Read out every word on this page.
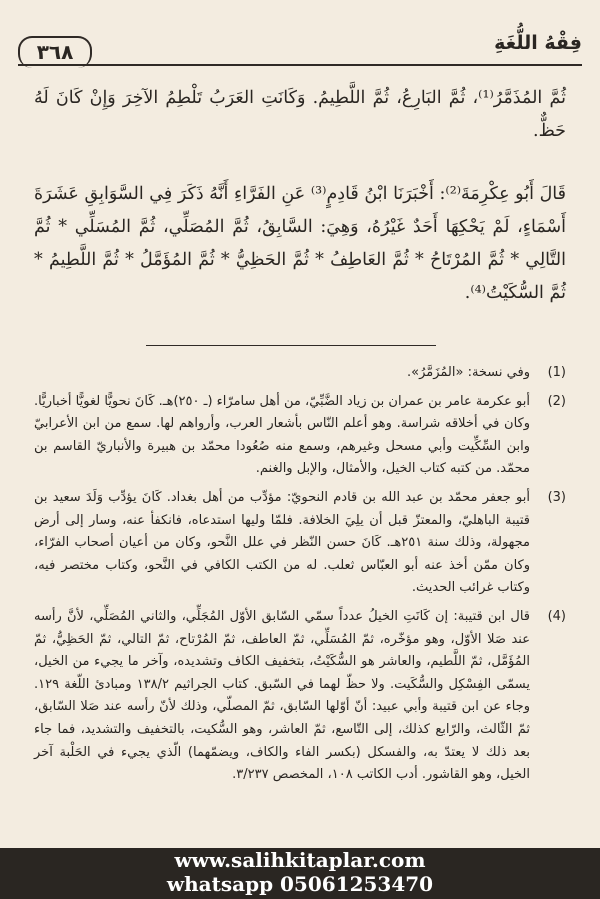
٣٦٨	فِقْهُ اللُّغَةِ

ثُمَّ المُذَمَّرُ⁽¹⁾، ثُمَّ البَارِعُ، ثُمَّ اللَّطِيمُ. وَكَانَتِ العَرَبُ تَلْطِمُ الآخِرَ وَإِنْ كَانَ لَهُ حَظٌّ.

قَالَ أَبُو عِكْرِمَةَ⁽²⁾: أَخْبَرَنَا ابْنُ قَادِمٍ⁽³⁾ عَنِ الفَرَّاءِ أَنَّهُ ذَكَرَ فِي السَّوَابِقِ عَشَرَةَ أَسْمَاءٍ، لَمْ يَحْكِهَا أَحَدٌ غَيْرُهُ، وَهِيَ: السَّابِقُ، ثُمَّ المُصَلِّي، ثُمَّ المُسَلِّي * ثُمَّ التَّالِي * ثُمَّ المُرْتَاحُ * ثُمَّ العَاطِفُ * ثُمَّ الحَظِيُّ * ثُمَّ المُؤَمَّلُ * ثُمَّ اللَّطِيمُ * ثُمَّ السُّكَيْتُ⁽⁴⁾.

(1)
وفي نسخة: «المُزَمَّرُ».
(2)
أبو عكرمة عامر بن عمران بن زياد الضَّبِّيّ، من أهل سامرّاء (ـ ٢٥٠)هـ. كَانَ نحويًّا لغويًّا أخباريًّا. وكان في أخلاقه شراسة. وهو أعلم النّاس بأشعار العرب، وأرواهم لها. سمع من ابن الأعرابيّ وابن السِّكِّيت وأبي مسحل وغيرهم، وسمع منه صُعُودا محمّد بن هبيرة والأنباريّ القاسم بن محمّد. من كتبه كتاب الخيل، والأمثال، والإبل والغنم.
(3)
أبو جعفر محمّد بن عبد الله بن قادم النحويّ: مؤدِّب من أهل بغداد. كَانَ يؤدِّب وَلَدَ سعيد بن قتيبة الباهليّ، والمعتزّ قبل أن يلِيَ الخلافة. فلمّا وليها استدعاه، فانكفأ عنه، وسار إلى أرض مجهولة، وذلك سنة ٢٥١هـ. كَانَ حسن النّظر في علل النَّحو، وكان من أعيان أصحاب الفرّاء، وكان ممّن أخذ عنه أبو العبّاس ثعلب. له من الكتب الكافي في النَّحو، وكتاب مختصر فيه، وكتاب غرائب الحديث.
(4)
قال ابن قتيبة: إن كَانَتِ الخيلُ عدداً سمّي السّابق الأوّل المُجَلِّي، والثاني المُصَلِّي، لأنَّ رأسه عند صَلا الأوّل، وهو مؤخّره، ثمّ المُسَلِّي، ثمّ العاطف، ثمّ المُرْتاح، ثمّ التالي، ثمّ الحَظِيُّ، ثمّ المُؤَمَّل، ثمّ اللَّطيم، والعاشر هو السُّكَيْتُ، بتخفيف الكاف وتشديده، وآخر ما يجيء من الخيل، يسمّى الفِسْكِل والسُّكَيت. ولا حظّ لهما في السّبق. كتاب الجراثيم ١٣٨/٢ ومبادئ اللّغة ١٢٩. وجاء عن ابن قتيبة وأبي عبيد: أنّ أوّلها السّابق، ثمّ المصلّي، وذلك لأنّ رأسه عند صَلا السّابق، ثمّ الثّالث، والرّابع كذلك، إلى التّاسع، ثمّ العاشر، وهو السُّكيت، بالتخفيف والتشديد، فما جاء بعد ذلك لا يعتدّ به، والفسكل (بكسر الفاء والكاف، ويضمّهما) الّذي يجيء في الحَلْبة آخر الخيل، وهو القاشور. أدب الكاتب ١٠٨، المخصص ٣/٢٣٧.
www.salihkitaplar.com
whatsapp 05061253470
